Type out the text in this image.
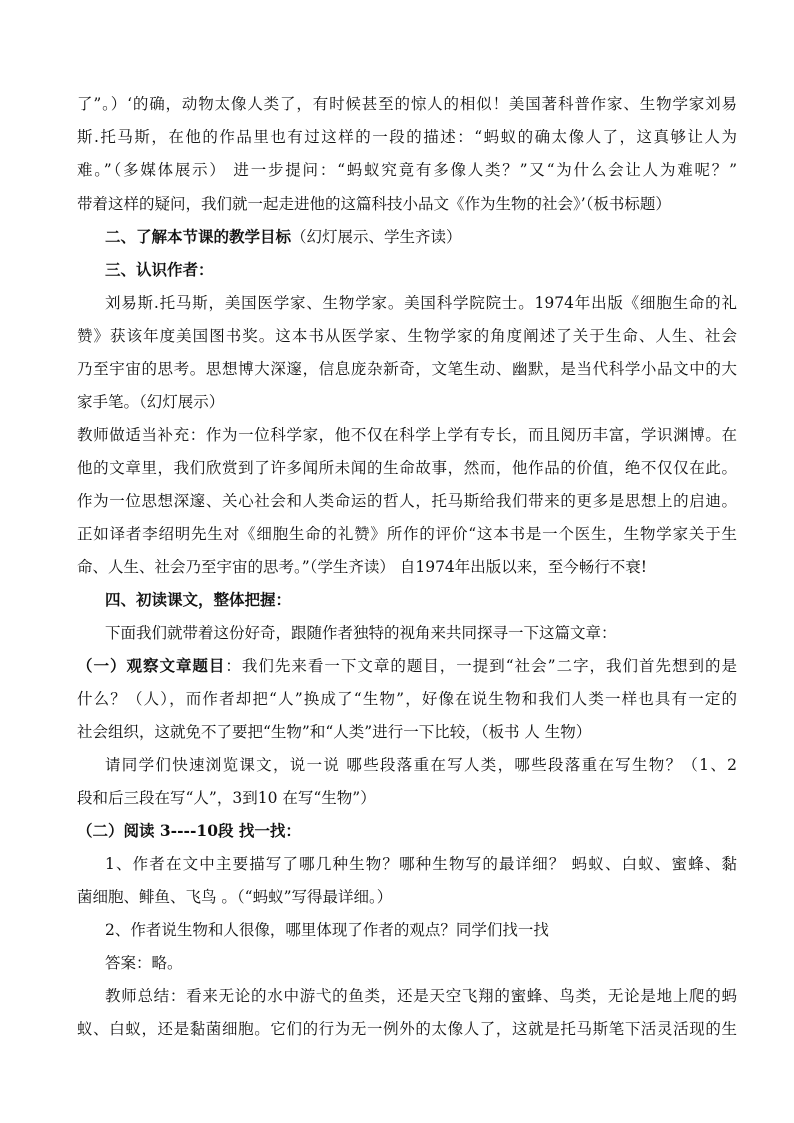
了”。）‘的确，动物太像人类了，有时候甚至的惊人的相似！美国著科普作家、生物学家刘易
斯.托马斯，在他的作品里也有过这样的一段的描述：“蚂蚁的确太像人了，这真够让人为
难。”（多媒体展示） 进一步提问：“蚂蚁究竟有多像人类？”又“为什么会让人为难呢？”
带着这样的疑问，我们就一起走进他的这篇科技小品文《作为生物的社会》’（板书标题）
二、了解本节课的教学目标（幻灯展示、学生齐读）
三、认识作者：
刘易斯.托马斯，美国医学家、生物学家。美国科学院院士。1974年出版《细胞生命的礼
赞》获该年度美国图书奖。这本书从医学家、生物学家的角度阐述了关于生命、人生、社会
乃至宇宙的思考。思想博大深邃，信息庞杂新奇，文笔生动、幽默，是当代科学小品文中的大
家手笔。（幻灯展示）
教师做适当补充：作为一位科学家，他不仅在科学上学有专长，而且阅历丰富，学识渊博。在
他的文章里，我们欣赏到了许多闻所未闻的生命故事，然而，他作品的价值，绝不仅仅在此。
作为一位思想深邃、关心社会和人类命运的哲人，托马斯给我们带来的更多是思想上的启迪。
正如译者李绍明先生对《细胞生命的礼赞》所作的评价“这本书是一个医生，生物学家关于生
命、人生、社会乃至宇宙的思考。”（学生齐读） 自1974年出版以来，至今畅行不衰!
四、初读课文，整体把握：
下面我们就带着这份好奇，跟随作者独特的视角来共同探寻一下这篇文章：
（一）观察文章题目：我们先来看一下文章的题目，一提到“社会”二字，我们首先想到的是
什么？（人），而作者却把“人”换成了“生物”，好像在说生物和我们人类一样也具有一定的
社会组织，这就免不了要把“生物”和“人类”进行一下比较，（板书 人 生物）
请同学们快速浏览课文，说一说 哪些段落重在写人类，哪些段落重在写生物？（1、2
段和后三段在写“人”，3到10 在写“生物”）
（二）阅读 3----10段 找一找：
1、作者在文中主要描写了哪几种生物？哪种生物写的最详细？ 蚂蚁、白蚁、蜜蜂、黏
菌细胞、鲱鱼、飞鸟 。（“蚂蚁”写得最详细。）
2、作者说生物和人很像，哪里体现了作者的观点？同学们找一找
答案：略。
教师总结：看来无论的水中游弋的鱼类，还是天空飞翔的蜜蜂、鸟类，无论是地上爬的蚂
蚁、白蚁，还是黏菌细胞。它们的行为无一例外的太像人了，这就是托马斯笔下活灵活现的生
